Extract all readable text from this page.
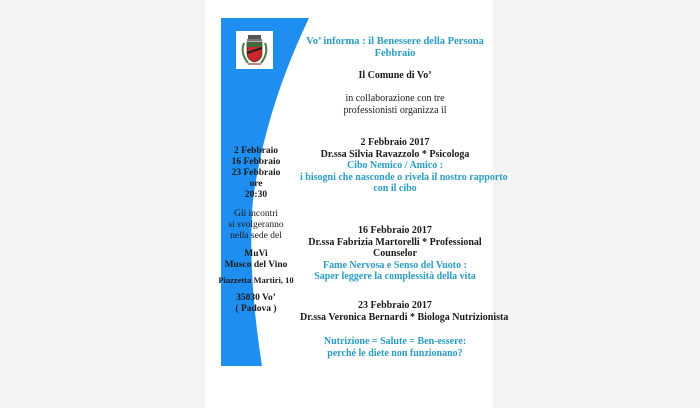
Vo’ informa : il Benessere della Persona
Febbraio
Il Comune di Vo’
in collaborazione con tre
professionisti organizza il
2 Febbraio
16 Febbraio
23 Febbraio
ore
20:30
Gli incontri
si svolgeranno
nella sede del
MuVi
Musco del Vino
Piazzetta Martiri, 10
35030 Vo’
( Padova )
2 Febbraio 2017
Dr.ssa Silvia Ravazzolo * Psicologa
Cibo Nemico / Amico :
i bisogni che nasconde o rivela il nostro rapporto
con il cibo
16 Febbraio 2017
Dr.ssa Fabrizia Martorelli * Professional
Counselor
Fame Nervosa e Senso del Vuoto :
Saper leggere la complessità della vita
23 Febbraio 2017
Dr.ssa Veronica Bernardi * Biologa Nutrizionista
Nutrizione = Salute = Ben-essere:
perché le diete non funzionano?
